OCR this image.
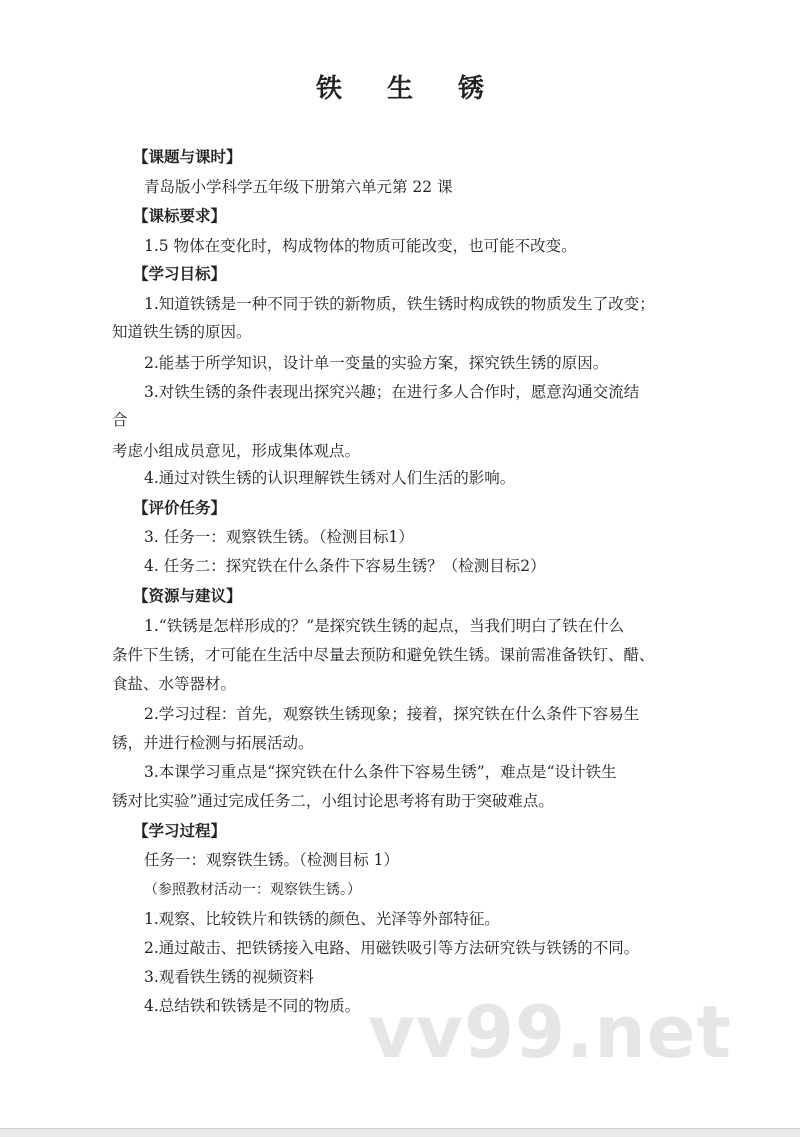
铁 生 锈
【课题与课时】
青岛版小学科学五年级下册第六单元第 22 课
【课标要求】
1.5 物体在变化时，构成物体的物质可能改变，也可能不改变。
【学习目标】
1.知道铁锈是一种不同于铁的新物质，铁生锈时构成铁的物质发生了改变；
知道铁生锈的原因。
2.能基于所学知识，设计单一变量的实验方案，探究铁生锈的原因。
3.对铁生锈的条件表现出探究兴趣；在进行多人合作时，愿意沟通交流结
合
考虑小组成员意见，形成集体观点。
4.通过对铁生锈的认识理解铁生锈对人们生活的影响。
【评价任务】
3. 任务一：观察铁生锈。（检测目标1）
4. 任务二：探究铁在什么条件下容易生锈？（检测目标2）
【资源与建议】
1.“铁锈是怎样形成的？”是探究铁生锈的起点，当我们明白了铁在什么
条件下生锈，才可能在生活中尽量去预防和避免铁生锈。课前需准备铁钉、醋、
食盐、水等器材。
2.学习过程：首先，观察铁生锈现象；接着，探究铁在什么条件下容易生
锈，并进行检测与拓展活动。
3.本课学习重点是“探究铁在什么条件下容易生锈”，难点是“设计铁生
锈对比实验”通过完成任务二，小组讨论思考将有助于突破难点。
【学习过程】
任务一：观察铁生锈。（检测目标 1）
（参照教材活动一：观察铁生锈。）
1.观察、比较铁片和铁锈的颜色、光泽等外部特征。
2.通过敲击、把铁锈接入电路、用磁铁吸引等方法研究铁与铁锈的不同。
3.观看铁生锈的视频资料
4.总结铁和铁锈是不同的物质。 vv99.net
